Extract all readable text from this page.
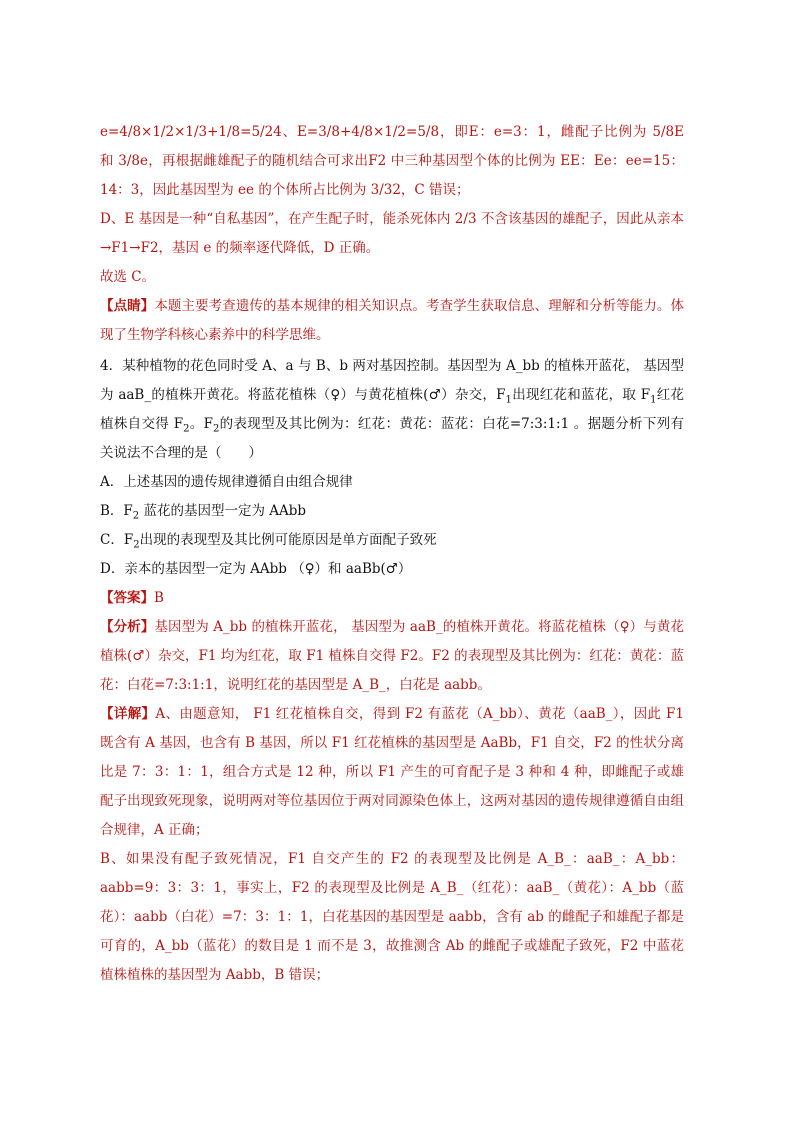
e=4/8×1/2×1/3+1/8=5/24、E=3/8+4/8×1/2=5/8，即E：e=3：1，雌配子比例为 5/8E 和 3/8e，再根据雌雄配子的随机结合可求出F2 中三种基因型个体的比例为 EE：Ee：ee=15：14：3，因此基因型为 ee 的个体所占比例为 3/32，C 错误；

D、E 基因是一种“自私基因”，在产生配子时，能杀死体内 2/3 不含该基因的雄配子，因此从亲本→F1→F2，基因 e 的频率逐代降低，D 正确。

故选 C。

【点睛】本题主要考查遗传的基本规律的相关知识点。考查学生获取信息、理解和分析等能力。体现了生物学科核心素养中的科学思维。

4．某种植物的花色同时受 A、a 与 B、b 两对基因控制。基因型为 A_bb 的植株开蓝花， 基因型为 aaB_的植株开黄花。将蓝花植株（♀）与黄花植株(♂）杂交，$F_1$出现红花和蓝花，取 $F_1$红花植株自交得 $F_2$。$F_2$的表现型及其比例为：红花：黄花：蓝花：白花=7:3:1:1 。据题分析下列有关说法不合理的是（　　）

A．上述基因的遗传规律遵循自由组合规律

B．$F_2$ 蓝花的基因型一定为 AAbb

C．$F_2$出现的表现型及其比例可能原因是单方面配子致死

D．亲本的基因型一定为 AAbb （♀）和 aaBb(♂）

【答案】B

【分析】基因型为 A_bb 的植株开蓝花， 基因型为 aaB_的植株开黄花。将蓝花植株（♀）与黄花植株(♂）杂交，F1 均为红花，取 F1 植株自交得 F2。F2 的表现型及其比例为：红花：黄花：蓝花：白花=7:3:1:1，说明红花的基因型是 A_B_，白花是 aabb。

【详解】A、由题意知， F1 红花植株自交，得到 F2 有蓝花（A_bb）、黄花（aaB_），因此 F1 既含有 A 基因，也含有 B 基因，所以 F1 红花植株的基因型是 AaBb，F1 自交，F2 的性状分离比是 7：3：1：1，组合方式是 12 种，所以 F1 产生的可育配子是 3 种和 4 种，即雌配子或雄配子出现致死现象，说明两对等位基因位于两对同源染色体上，这两对基因的遗传规律遵循自由组合规律，A 正确；

B、如果没有配子致死情况，F1 自交产生的 F2 的表现型及比例是 A_B_：aaB_：A_bb：aabb=9：3：3：1，事实上，F2 的表现型及比例是 A_B_（红花）：aaB_（黄花）：A_bb（蓝花）：aabb（白花）=7：3：1：1，白花基因的基因型是 aabb，含有 ab 的雌配子和雄配子都是可育的，A_bb（蓝花）的数目是 1 而不是 3，故推测含 Ab 的雌配子或雄配子致死，F2 中蓝花植株植株的基因型为 Aabb，B 错误；
